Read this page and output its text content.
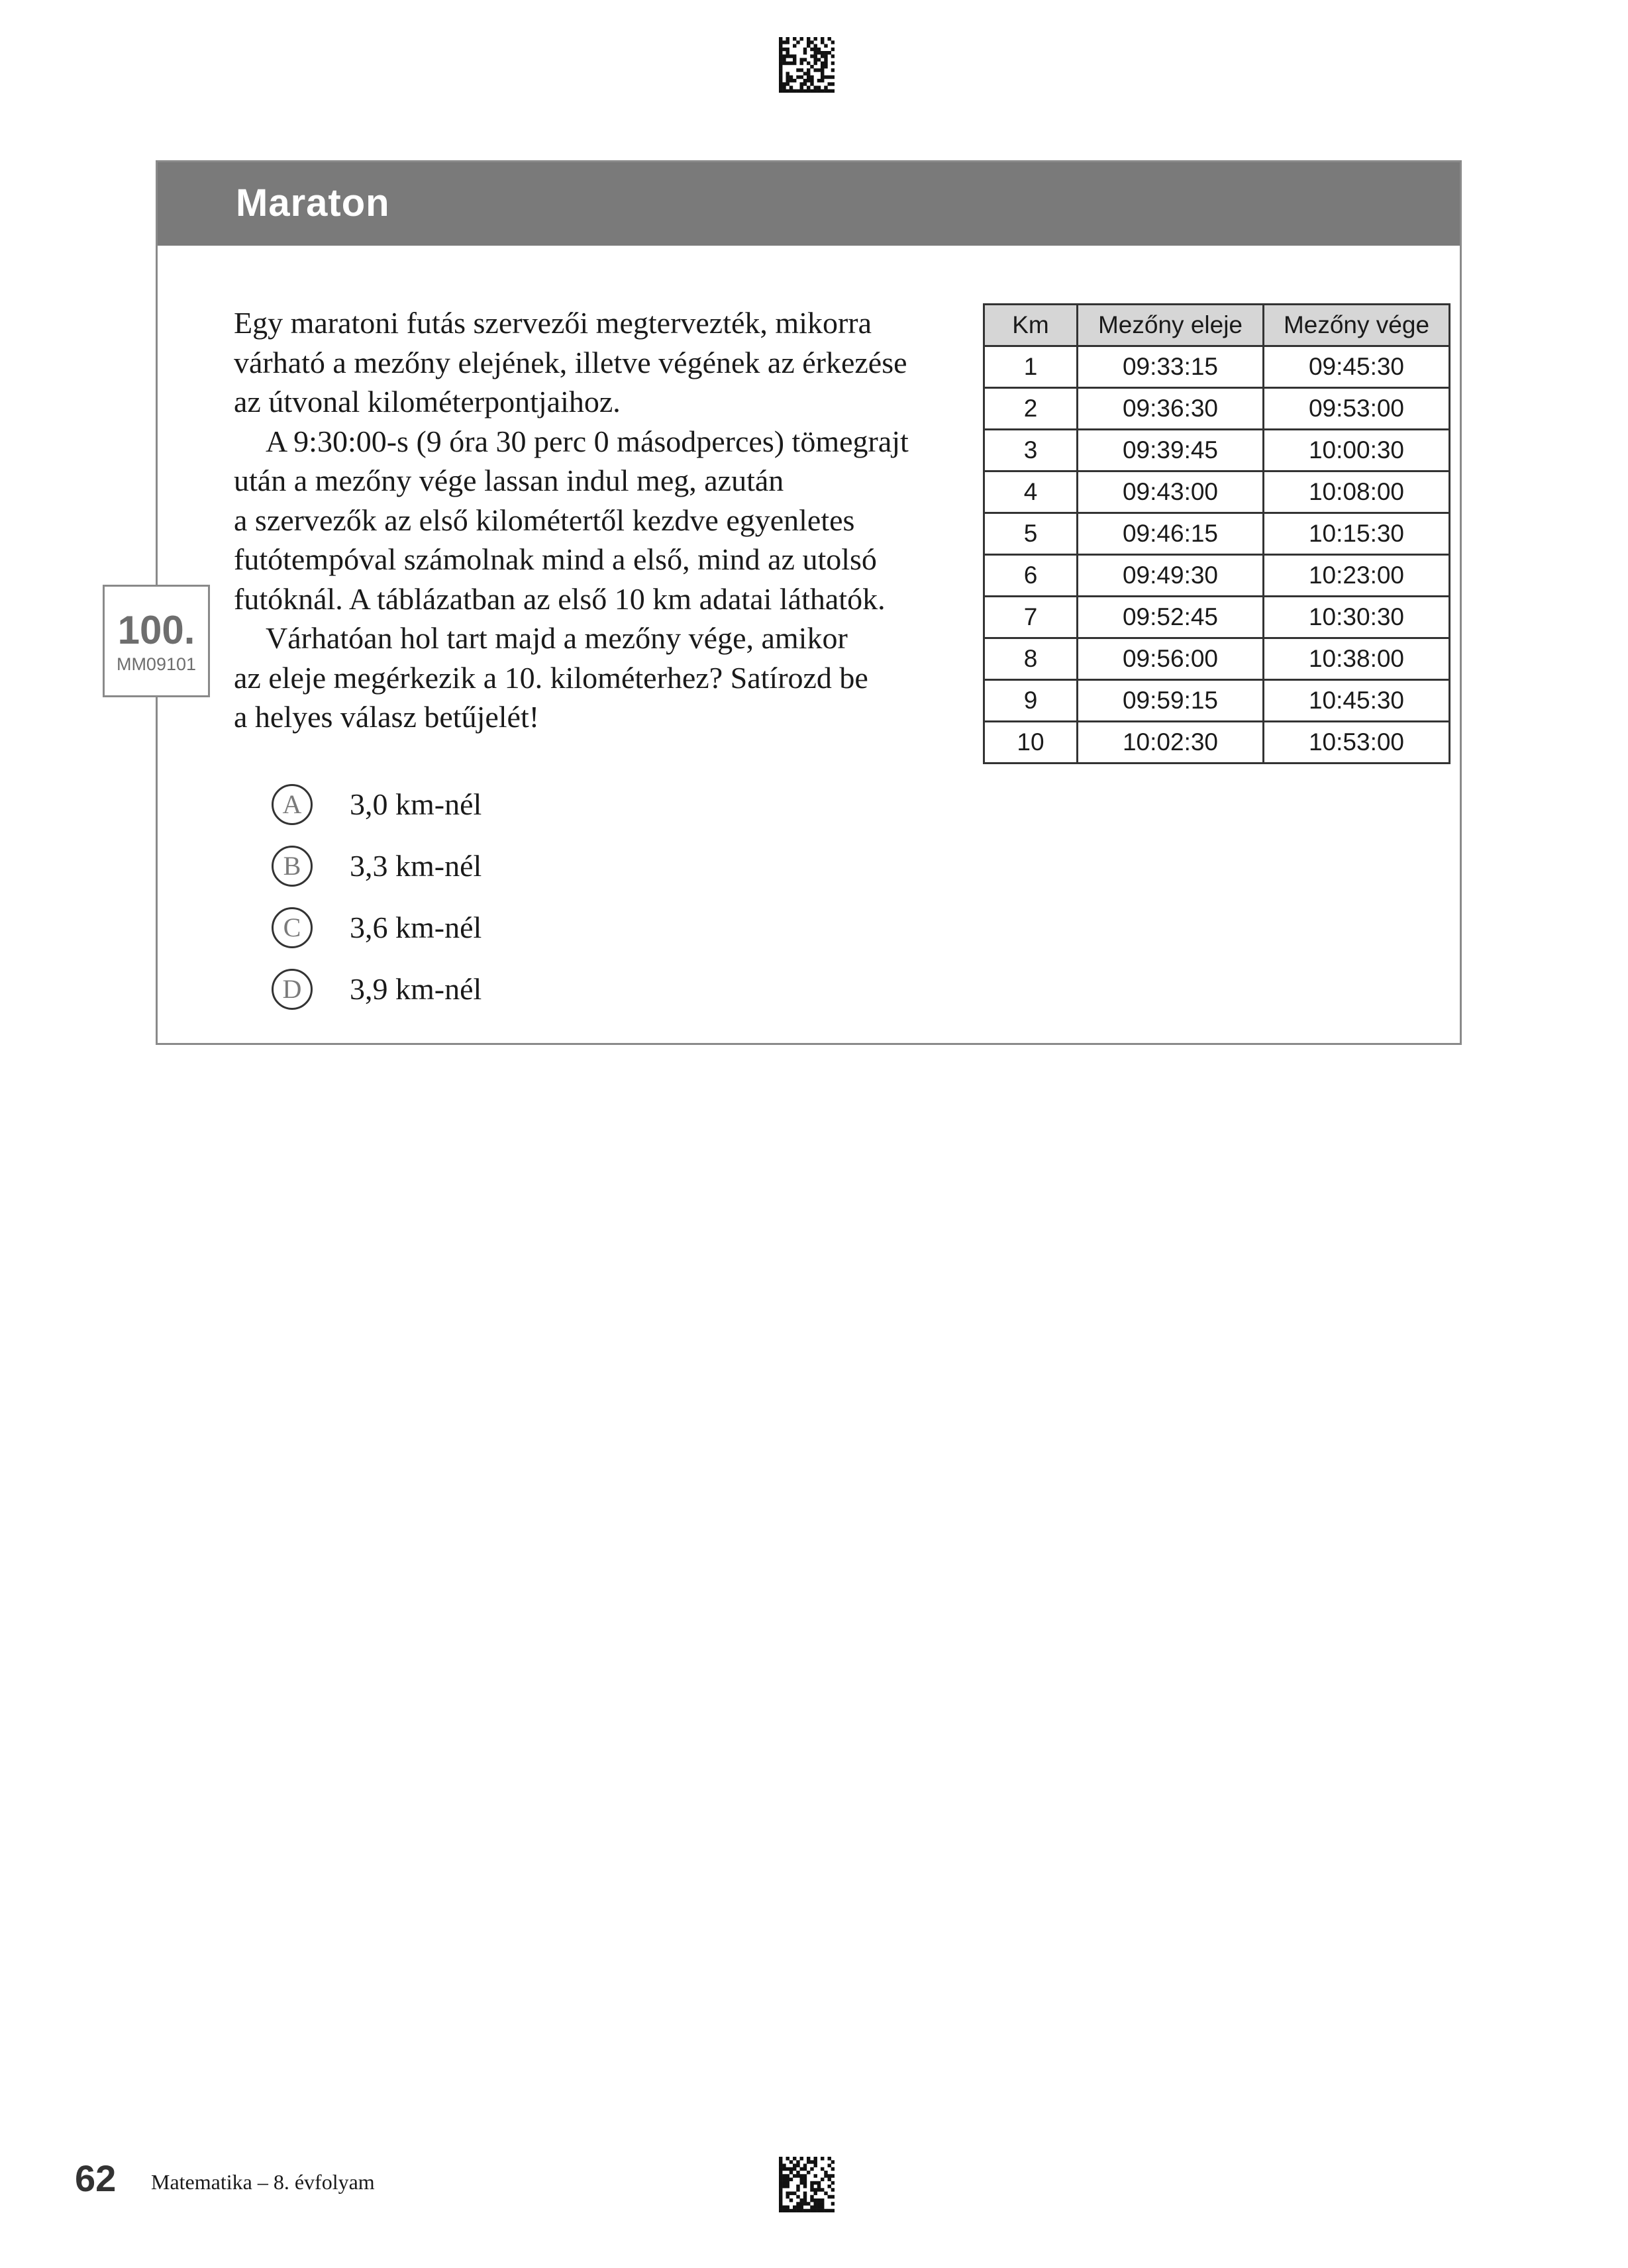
Maraton
100.
MM09101

Egy maratoni futás szervezői megtervezték, mikorra
várható a mezőny elejének, illetve végének az érkezése
az útvonal kilométerpontjaihoz.

A 9:30:00-s (9 óra 30 perc 0 másodperces) tömegrajt
után a mezőny vége lassan indul meg, azután
a szervezők az első kilométertől kezdve egyenletes
futótempóval számolnak mind a első, mind az utolsó
futóknál. A táblázatban az első 10 km adatai láthatók.

Várhatóan hol tart majd a mezőny vége, amikor
az eleje megérkezik a 10. kilométerhez? Satírozd be
a helyes válasz betűjelét!

A	3,0 km-nél
B	3,3 km-nél
C	3,6 km-nél
D	3,9 km-nél
Km	Mezőny eleje	Mezőny vége
1	09:33:15	09:45:30
2	09:36:30	09:53:00
3	09:39:45	10:00:30
4	09:43:00	10:08:00
5	09:46:15	10:15:30
6	09:49:30	10:23:00
7	09:52:45	10:30:30
8	09:56:00	10:38:00
9	09:59:15	10:45:30
10	10:02:30	10:53:00
62 Matematika – 8. évfolyam
